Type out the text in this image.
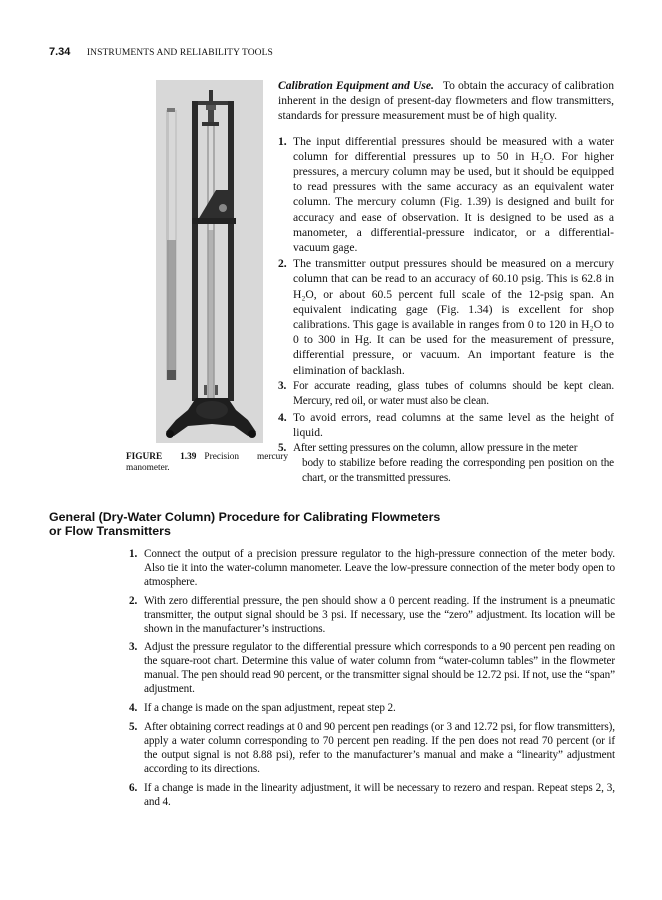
7.34 INSTRUMENTS AND RELIABILITY TOOLS
FIGURE 1.39 Precision mercury manometer.

Calibration Equipment and Use. To obtain the accuracy of calibration inherent in the design of present-day flowmeters and flow transmitters, standards for pressure measurement must be of high quality.

1. The input differential pressures should be measured with a water column for differential pressures up to 50 in H₂O. For higher pressures, a mercury column may be used, but it should be equipped to read pressures with the same accuracy as an equivalent water column. The mercury column (Fig. 1.39) is designed and built for accuracy and ease of observation. It is designed to be used as a manometer, a differential-pressure indicator, or a differential-vacuum gage.
2. The transmitter output pressures should be measured on a mercury column that can be read to an accuracy of 60.10 psig. This is 62.8 in H₂O, or about 60.5 percent full scale of the 12-psig span. An equivalent indicating gage (Fig. 1.34) is excellent for shop calibrations. This gage is available in ranges from 0 to 120 in H₂O to 0 to 300 in Hg. It can be used for the measurement of pressure, differential pressure, or vacuum. An important feature is the elimination of backlash.
3. For accurate reading, glass tubes of columns should be kept clean. Mercury, red oil, or water must also be clean.
4. To avoid errors, read columns at the same level as the height of liquid.
5. After setting pressures on the column, allow pressure in the meter
body to stabilize before reading the corresponding pen position on the chart, or the transmitted pressures.
General (Dry-Water Column) Procedure for Calibrating Flowmeters
or Flow Transmitters
1. Connect the output of a precision pressure regulator to the high-pressure connection of the meter body. Also tie it into the water-column manometer. Leave the low-pressure connection of the meter body open to atmosphere.
2. With zero differential pressure, the pen should show a 0 percent reading. If the instrument is a pneumatic transmitter, the output signal should be 3 psi. If necessary, use the “zero” adjustment. Its location will be shown in the manufacturer’s instructions.
3. Adjust the pressure regulator to the differential pressure which corresponds to a 90 percent pen reading on the square-root chart. Determine this value of water column from “water-column tables” in the flowmeter manual. The pen should read 90 percent, or the transmitter signal should be 12.72 psi. If not, use the “span” adjustment.
4. If a change is made on the span adjustment, repeat step 2.
5. After obtaining correct readings at 0 and 90 percent pen readings (or 3 and 12.72 psi, for flow transmitters), apply a water column corresponding to 70 percent pen reading. If the pen does not read 70 percent (or if the output signal is not 8.88 psi), refer to the manufacturer’s manual and make a “linearity” adjustment according to its directions.
6. If a change is made in the linearity adjustment, it will be necessary to rezero and respan. Repeat steps 2, 3, and 4.
